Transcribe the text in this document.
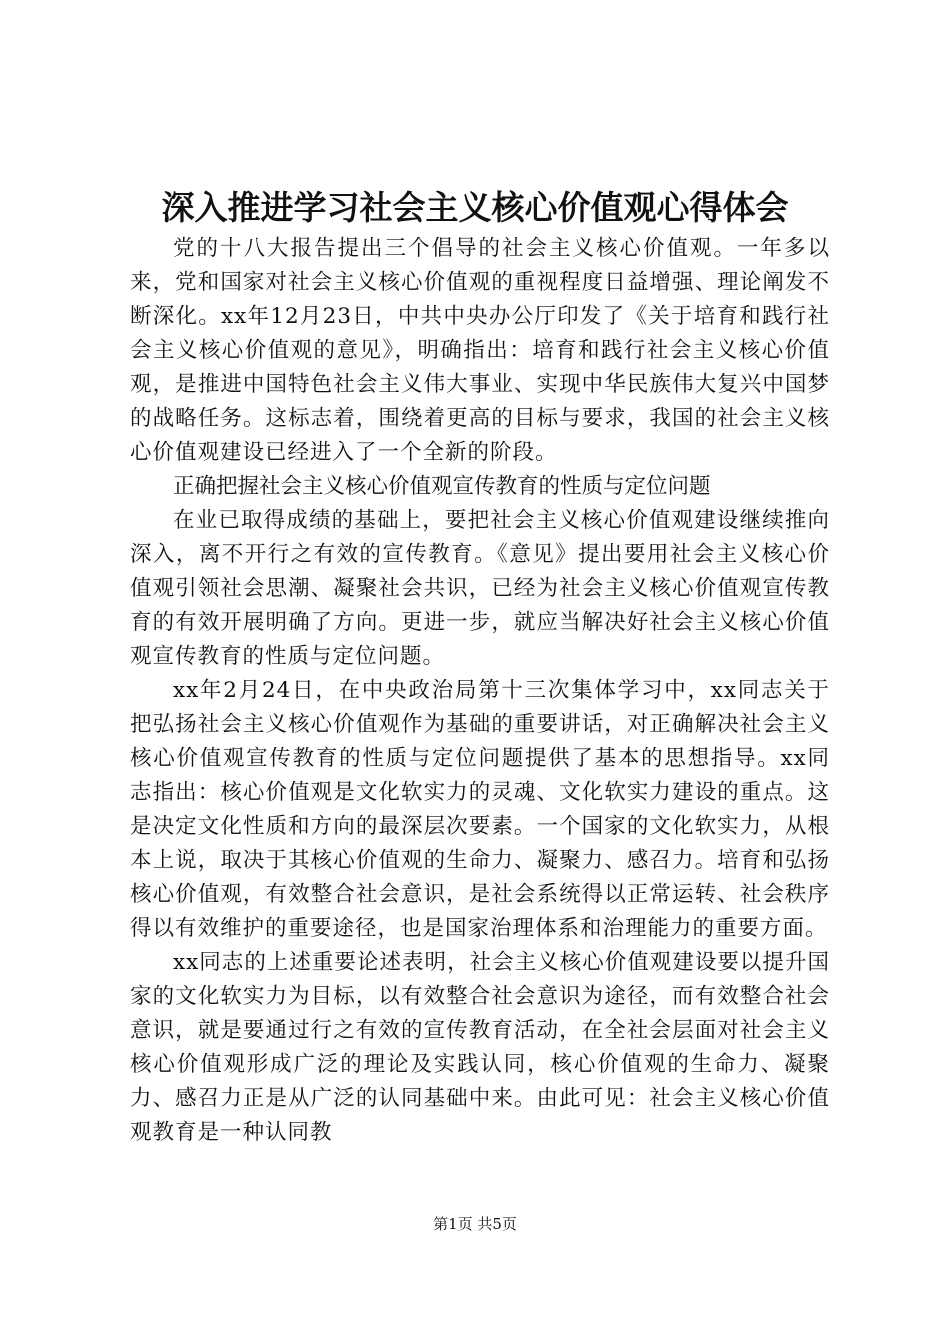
深入推进学习社会主义核心价值观心得体会

党的十八大报告提出三个倡导的社会主义核心价值观。一年多以来，党和国家对社会主义核心价值观的重视程度日益增强、理论阐发不断深化。xx年12月23日，中共中央办公厅印发了《关于培育和践行社会主义核心价值观的意见》，明确指出：培育和践行社会主义核心价值观，是推进中国特色社会主义伟大事业、实现中华民族伟大复兴中国梦的战略任务。这标志着，围绕着更高的目标与要求，我国的社会主义核心价值观建设已经进入了一个全新的阶段。

正确把握社会主义核心价值观宣传教育的性质与定位问题

在业已取得成绩的基础上，要把社会主义核心价值观建设继续推向深入，离不开行之有效的宣传教育。《意见》提出要用社会主义核心价值观引领社会思潮、凝聚社会共识，已经为社会主义核心价值观宣传教育的有效开展明确了方向。更进一步，就应当解决好社会主义核心价值观宣传教育的性质与定位问题。

xx年2月24日，在中央政治局第十三次集体学习中，xx同志关于把弘扬社会主义核心价值观作为基础的重要讲话，对正确解决社会主义核心价值观宣传教育的性质与定位问题提供了基本的思想指导。xx同志指出：核心价值观是文化软实力的灵魂、文化软实力建设的重点。这是决定文化性质和方向的最深层次要素。一个国家的文化软实力，从根本上说，取决于其核心价值观的生命力、凝聚力、感召力。培育和弘扬核心价值观，有效整合社会意识，是社会系统得以正常运转、社会秩序得以有效维护的重要途径，也是国家治理体系和治理能力的重要方面。

xx同志的上述重要论述表明，社会主义核心价值观建设要以提升国家的文化软实力为目标，以有效整合社会意识为途径，而有效整合社会意识，就是要通过行之有效的宣传教育活动，在全社会层面对社会主义核心价值观形成广泛的理论及实践认同，核心价值观的生命力、凝聚力、感召力正是从广泛的认同基础中来。由此可见：社会主义核心价值观教育是一种认同教

第1页 共5页
